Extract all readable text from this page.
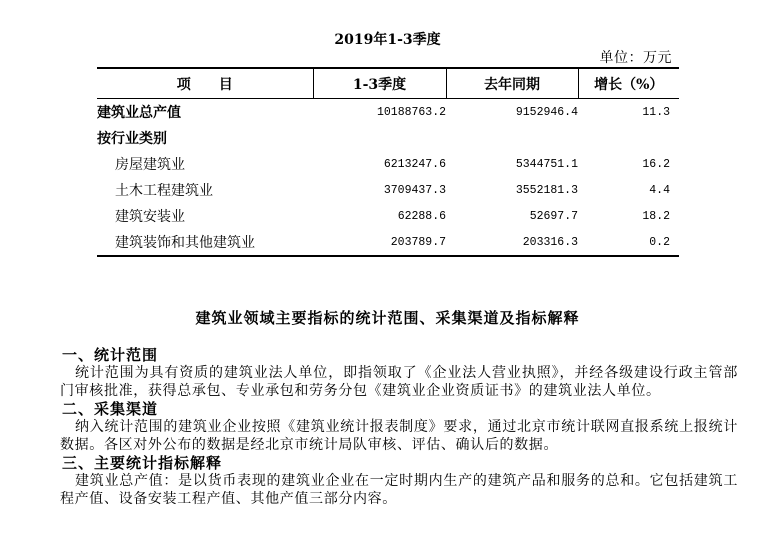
2019年1-3季度
单位：万元
项　　目	1-3季度	去年同期	增长（%）
建筑业总产值	10188763.2	9152946.4	11.3
按行业类别			
房屋建筑业	6213247.6	5344751.1	16.2
土木工程建筑业	3709437.3	3552181.3	4.4
建筑安装业	62288.6	52697.7	18.2
建筑装饰和其他建筑业	203789.7	203316.3	0.2
建筑业领域主要指标的统计范围、采集渠道及指标解释
一、统计范围

统计范围为具有资质的建筑业法人单位，即指领取了《企业法人营业执照》，并经各级建设行政主管部门审核批准，获得总承包、专业承包和劳务分包《建筑业企业资质证书》的建筑业法人单位。

二、采集渠道

纳入统计范围的建筑业企业按照《建筑业统计报表制度》要求，通过北京市统计联网直报系统上报统计数据。各区对外公布的数据是经北京市统计局队审核、评估、确认后的数据。

三、主要统计指标解释

建筑业总产值：是以货币表现的建筑业企业在一定时期内生产的建筑产品和服务的总和。它包括建筑工程产值、设备安装工程产值、其他产值三部分内容。
